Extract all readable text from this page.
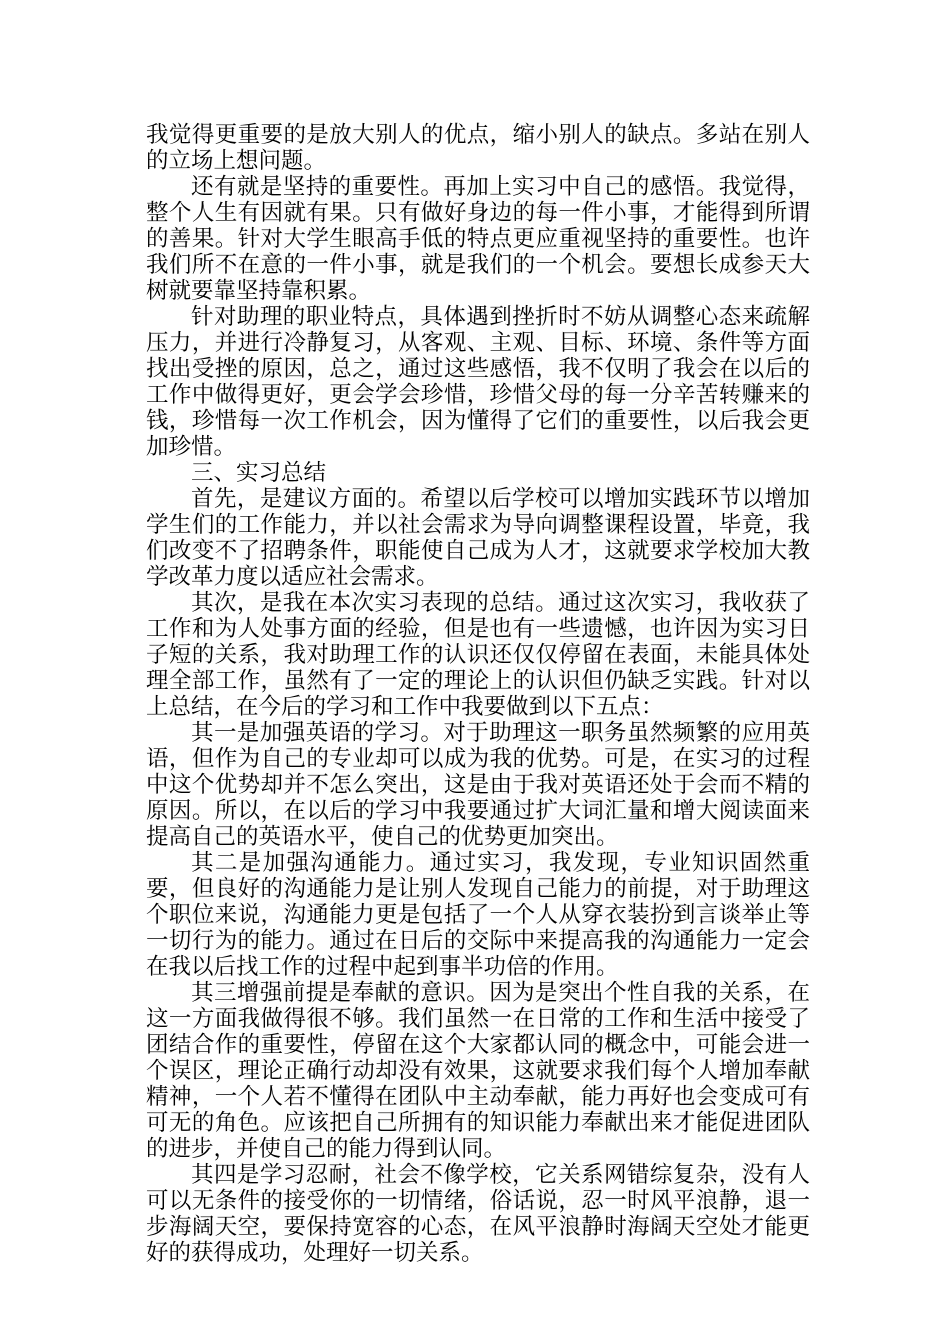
我觉得更重要的是放大别人的优点，缩小别人的缺点。多站在别人的立场上想问题。

还有就是坚持的重要性。再加上实习中自己的感悟。我觉得，整个人生有因就有果。只有做好身边的每一件小事，才能得到所谓的善果。针对大学生眼高手低的特点更应重视坚持的重要性。也许我们所不在意的一件小事，就是我们的一个机会。要想长成参天大树就要靠坚持靠积累。

针对助理的职业特点，具体遇到挫折时不妨从调整心态来疏解压力，并进行冷静复习，从客观、主观、目标、环境、条件等方面找出受挫的原因，总之，通过这些感悟，我不仅明了我会在以后的工作中做得更好，更会学会珍惜，珍惜父母的每一分辛苦转赚来的钱，珍惜每一次工作机会，因为懂得了它们的重要性，以后我会更加珍惜。

三、实习总结

首先，是建议方面的。希望以后学校可以增加实践环节以增加学生们的工作能力，并以社会需求为导向调整课程设置，毕竟，我们改变不了招聘条件，职能使自己成为人才，这就要求学校加大教学改革力度以适应社会需求。

其次，是我在本次实习表现的总结。通过这次实习，我收获了工作和为人处事方面的经验，但是也有一些遗憾，也许因为实习日子短的关系，我对助理工作的认识还仅仅停留在表面，未能具体处理全部工作，虽然有了一定的理论上的认识但仍缺乏实践。针对以上总结，在今后的学习和工作中我要做到以下五点：

其一是加强英语的学习。对于助理这一职务虽然频繁的应用英语，但作为自己的专业却可以成为我的优势。可是，在实习的过程中这个优势却并不怎么突出，这是由于我对英语还处于会而不精的原因。所以，在以后的学习中我要通过扩大词汇量和增大阅读面来提高自己的英语水平，使自己的优势更加突出。

其二是加强沟通能力。通过实习，我发现，专业知识固然重要，但良好的沟通能力是让别人发现自己能力的前提，对于助理这个职位来说，沟通能力更是包括了一个人从穿衣装扮到言谈举止等一切行为的能力。通过在日后的交际中来提高我的沟通能力一定会在我以后找工作的过程中起到事半功倍的作用。

其三增强前提是奉献的意识。因为是突出个性自我的关系，在这一方面我做得很不够。我们虽然一在日常的工作和生活中接受了团结合作的重要性，停留在这个大家都认同的概念中，可能会进一个误区，理论正确行动却没有效果，这就要求我们每个人增加奉献精神，一个人若不懂得在团队中主动奉献，能力再好也会变成可有可无的角色。应该把自己所拥有的知识能力奉献出来才能促进团队的进步，并使自己的能力得到认同。

其四是学习忍耐，社会不像学校，它关系网错综复杂，没有人可以无条件的接受你的一切情绪，俗话说，忍一时风平浪静，退一步海阔天空，要保持宽容的心态，在风平浪静时海阔天空处才能更好的获得成功，处理好一切关系。
